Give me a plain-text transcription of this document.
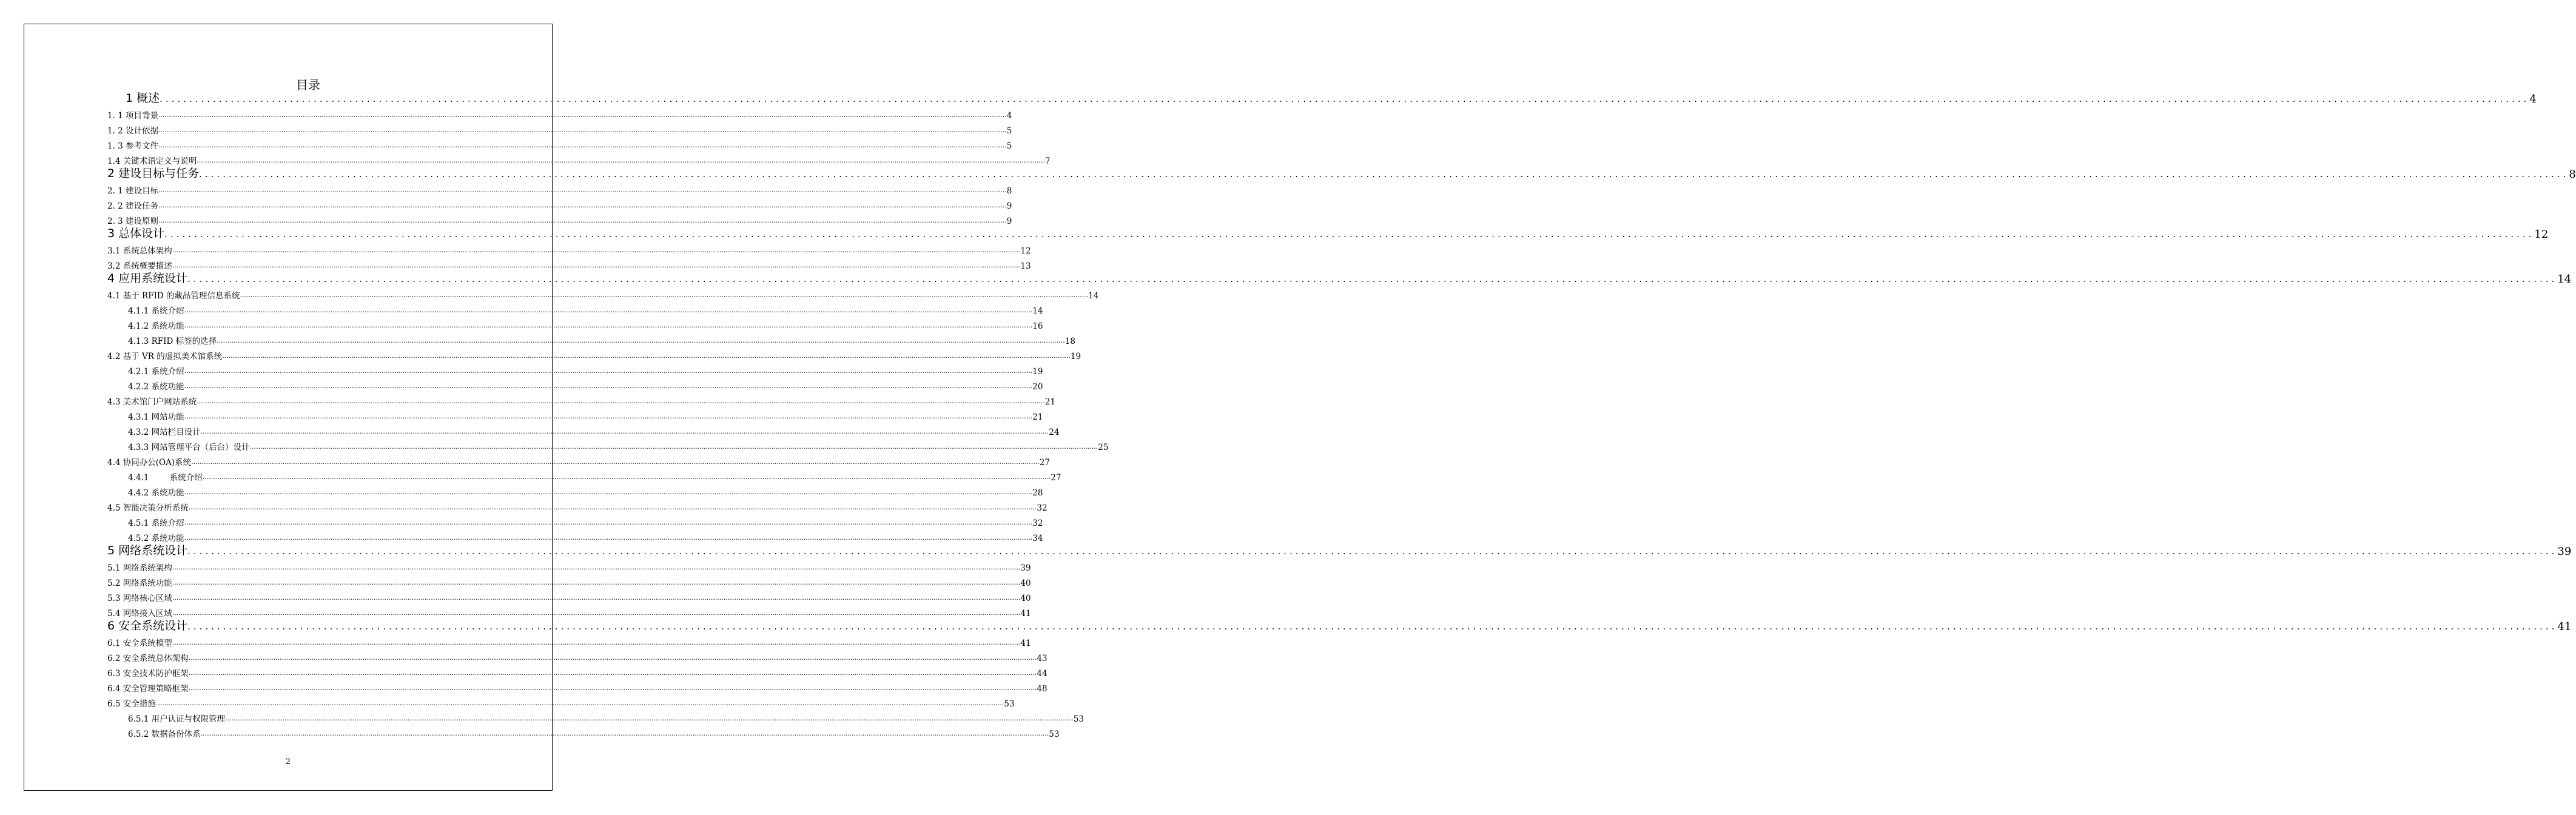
目录
1 概述 ................................................................................................................................................................................................................................................................................................................................................................................................................ 4
1. 1 项目背景 ................................................................................................................................................................................................................................................................................................................................................................................................................ 4
1. 2 设计依据 ................................................................................................................................................................................................................................................................................................................................................................................................................ 5
1. 3 参考文件 ................................................................................................................................................................................................................................................................................................................................................................................................................ 5
1.4 关键术语定义与说明 ................................................................................................................................................................................................................................................................................................................................................................................................................ 7
2 建设目标与任务 ................................................................................................................................................................................................................................................................................................................................................................................................................ 8
2. 1 建设目标 ................................................................................................................................................................................................................................................................................................................................................................................................................ 8
2. 2 建设任务 ................................................................................................................................................................................................................................................................................................................................................................................................................ 9
2. 3 建设原则 ................................................................................................................................................................................................................................................................................................................................................................................................................ 9
3 总体设计 ................................................................................................................................................................................................................................................................................................................................................................................................................ 12
3.1 系统总体架构 ................................................................................................................................................................................................................................................................................................................................................................................................................ 12
3.2 系统概要描述 ................................................................................................................................................................................................................................................................................................................................................................................................................ 13
4 应用系统设计 ................................................................................................................................................................................................................................................................................................................................................................................................................ 14
4.1 基于 RFID 的藏品管理信息系统 ................................................................................................................................................................................................................................................................................................................................................................................................................ 14
4.1.1 系统介绍 ................................................................................................................................................................................................................................................................................................................................................................................................................ 14
4.1.2 系统功能 ................................................................................................................................................................................................................................................................................................................................................................................................................ 16
4.1.3 RFID 标签的选择 ................................................................................................................................................................................................................................................................................................................................................................................................................ 18
4.2 基于 VR 的虚拟美术馆系统 ................................................................................................................................................................................................................................................................................................................................................................................................................ 19
4.2.1 系统介绍 ................................................................................................................................................................................................................................................................................................................................................................................................................ 19
4.2.2 系统功能 ................................................................................................................................................................................................................................................................................................................................................................................................................ 20
4.3 美术馆门户网站系统 ................................................................................................................................................................................................................................................................................................................................................................................................................ 21
4.3.1 网站功能 ................................................................................................................................................................................................................................................................................................................................................................................................................ 21
4.3.2 网站栏目设计 ................................................................................................................................................................................................................................................................................................................................................................................................................ 24
4.3.3 网站管理平台（后台）设计 ................................................................................................................................................................................................................................................................................................................................................................................................................ 25
4.4 协同办公(OA)系统 ................................................................................................................................................................................................................................................................................................................................................................................................................ 27
4.4.1        系统介绍 ................................................................................................................................................................................................................................................................................................................................................................................................................ 27
4.4.2 系统功能 ................................................................................................................................................................................................................................................................................................................................................................................................................ 28
4.5 智能决策分析系统 ................................................................................................................................................................................................................................................................................................................................................................................................................ 32
4.5.1 系统介绍 ................................................................................................................................................................................................................................................................................................................................................................................................................ 32
4.5.2 系统功能 ................................................................................................................................................................................................................................................................................................................................................................................................................ 34
5 网络系统设计 ................................................................................................................................................................................................................................................................................................................................................................................................................ 39
5.1 网络系统架构 ................................................................................................................................................................................................................................................................................................................................................................................................................ 39
5.2 网络系统功能 ................................................................................................................................................................................................................................................................................................................................................................................................................ 40
5.3 网络核心区域 ................................................................................................................................................................................................................................................................................................................................................................................................................ 40
5.4 网络接入区域 ................................................................................................................................................................................................................................................................................................................................................................................................................ 41
6 安全系统设计 ................................................................................................................................................................................................................................................................................................................................................................................................................ 41
6.1 安全系统模型 ................................................................................................................................................................................................................................................................................................................................................................................................................ 41
6.2 安全系统总体架构 ................................................................................................................................................................................................................................................................................................................................................................................................................ 43
6.3 安全技术防护框架 ................................................................................................................................................................................................................................................................................................................................................................................................................ 44
6.4 安全管理策略框架 ................................................................................................................................................................................................................................................................................................................................................................................................................ 48
6.5 安全措施 ................................................................................................................................................................................................................................................................................................................................................................................................................ 53
6.5.1 用户认证与权限管理 ................................................................................................................................................................................................................................................................................................................................................................................................................ 53
6.5.2 数据备份体系 ................................................................................................................................................................................................................................................................................................................................................................................................................ 53
2
